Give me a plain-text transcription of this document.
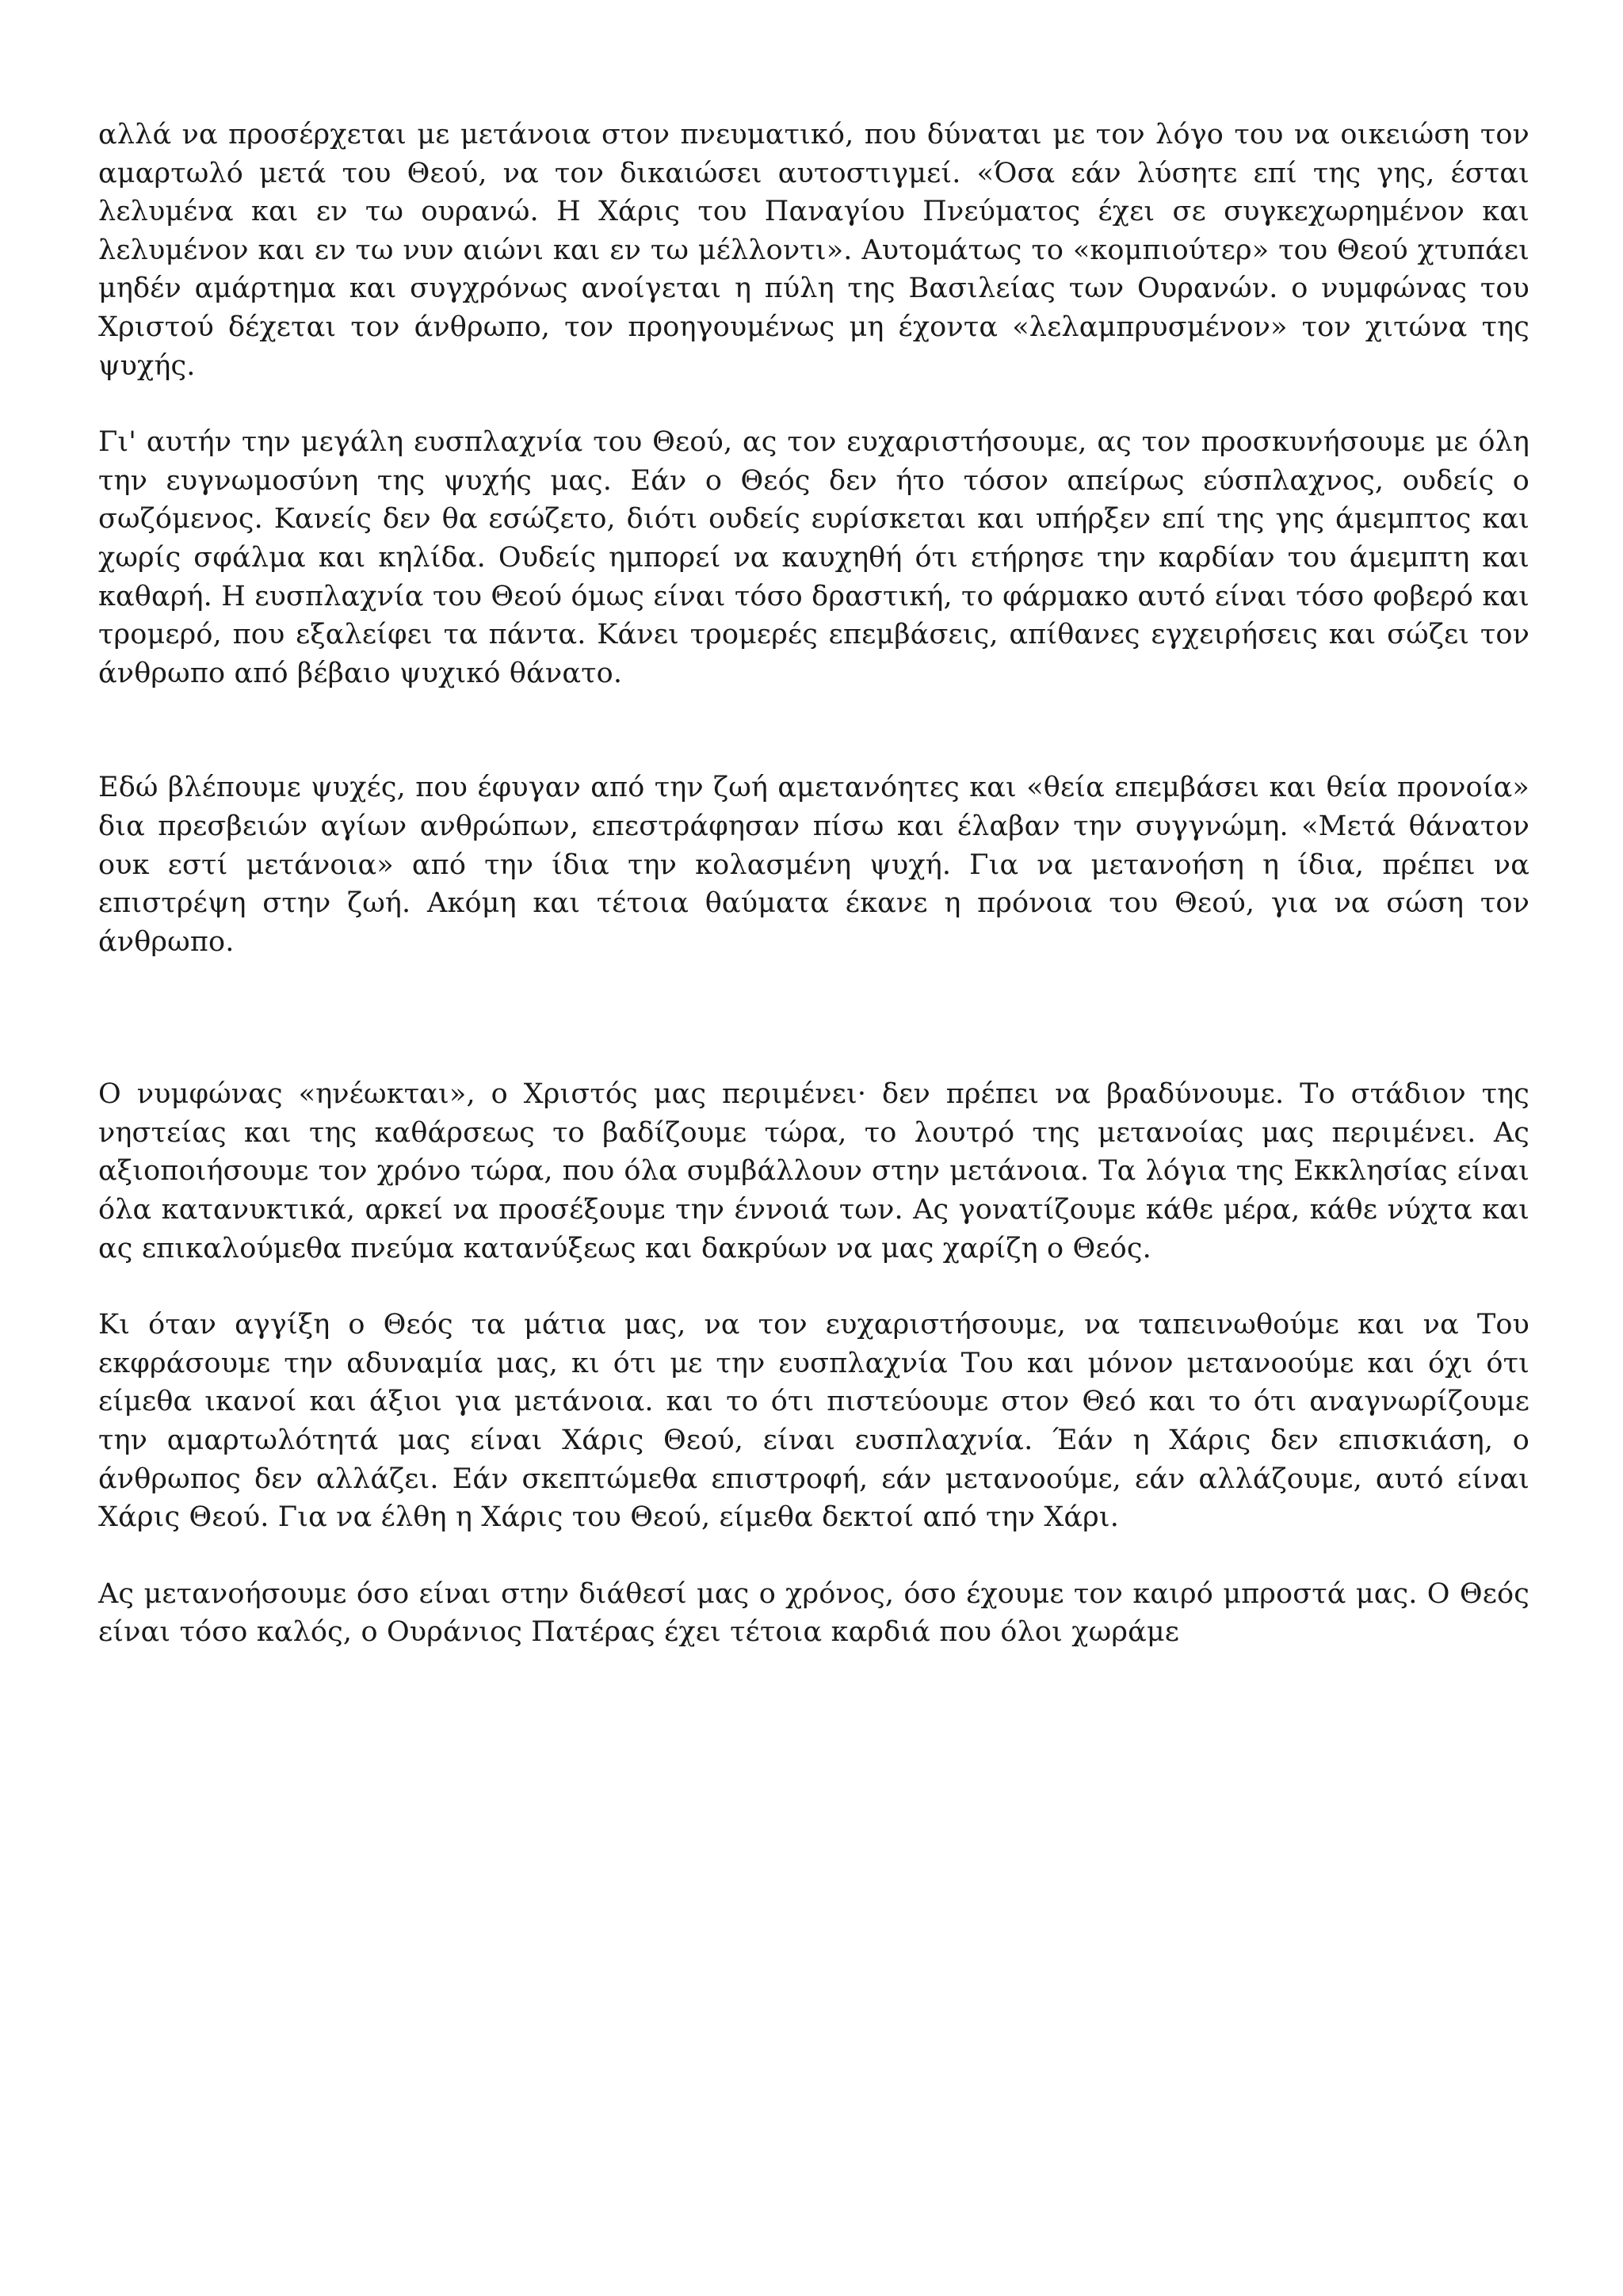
αλλά να προσέρχεται με μετάνοια στον πνευματικό, που δύναται με τον λόγο του να οικειώση τον αμαρτωλό μετά του Θεού, να τον δικαιώσει αυτοστιγμεί. «Όσα εάν λύσητε επί της γης, έσται λελυμένα και εν τω ουρανώ. Η Χάρις του Παναγίου Πνεύματος έχει σε συγκεχωρημένον και λελυμένον και εν τω νυν αιώνι και εν τω μέλλοντι». Αυτομάτως το «κομπιούτερ» του Θεού χτυπάει μηδέν αμάρτημα και συγχρόνως ανοίγεται η πύλη της Βασιλείας των Ουρανών. ο νυμφώνας του Χριστού δέχεται τον άνθρωπο, τον προηγουμένως μη έχοντα «λελαμπρυσμένον» τον χιτώνα της ψυχής.

Γι' αυτήν την μεγάλη ευσπλαχνία του Θεού, ας τον ευχαριστήσουμε, ας τον προσκυνήσουμε με όλη την ευγνωμοσύνη της ψυχής μας. Εάν ο Θεός δεν ήτο τόσον απείρως εύσπλαχνος, ουδείς ο σωζόμενος. Κανείς δεν θα εσώζετο, διότι ουδείς ευρίσκεται και υπήρξεν επί της γης άμεμπτος και χωρίς σφάλμα και κηλίδα. Ουδείς ημπορεί να καυχηθή ότι ετήρησε την καρδίαν του άμεμπτη και καθαρή. Η ευσπλαχνία του Θεού όμως είναι τόσο δραστική, το φάρμακο αυτό είναι τόσο φοβερό και τρομερό, που εξαλείφει τα πάντα. Κάνει τρομερές επεμβάσεις, απίθανες εγχειρήσεις και σώζει τον άνθρωπο από βέβαιο ψυχικό θάνατο.

Εδώ βλέπουμε ψυχές, που έφυγαν από την ζωή αμετανόητες και «θεία επεμβάσει και θεία προνοία» δια πρεσβειών αγίων ανθρώπων, επεστράφησαν πίσω και έλαβαν την συγγνώμη. «Μετά θάνατον ουκ εστί μετάνοια» από την ίδια την κολασμένη ψυχή. Για να μετανοήση η ίδια, πρέπει να επιστρέψη στην ζωή. Ακόμη και τέτοια θαύματα έκανε η πρόνοια του Θεού, για να σώση τον άνθρωπο.

Ο νυμφώνας «ηνέωκται», ο Χριστός μας περιμένει· δεν πρέπει να βραδύνουμε. Το στάδιον της νηστείας και της καθάρσεως το βαδίζουμε τώρα, το λουτρό της μετανοίας μας περιμένει. Ας αξιοποιήσουμε τον χρόνο τώρα, που όλα συμβάλλουν στην μετάνοια. Τα λόγια της Εκκλησίας είναι όλα κατανυκτικά, αρκεί να προσέξουμε την έννοιά των. Ας γονατίζουμε κάθε μέρα, κάθε νύχτα και ας επικαλούμεθα πνεύμα κατανύξεως και δακρύων να μας χαρίζη ο Θεός.

Κι όταν αγγίξη ο Θεός τα μάτια μας, να τον ευχαριστήσουμε, να ταπεινωθούμε και να Του εκφράσουμε την αδυναμία μας, κι ότι με την ευσπλαχνία Του και μόνον μετανοούμε και όχι ότι είμεθα ικανοί και άξιοι για μετάνοια. και το ότι πιστεύουμε στον Θεό και το ότι αναγνωρίζουμε την αμαρτωλότητά μας είναι Χάρις Θεού, είναι ευσπλαχνία. Έάν η Χάρις δεν επισκιάση, ο άνθρωπος δεν αλλάζει. Εάν σκεπτώμεθα επιστροφή, εάν μετανοούμε, εάν αλλάζουμε, αυτό είναι Χάρις Θεού. Για να έλθη η Χάρις του Θεού, είμεθα δεκτοί από την Χάρι.

Ας μετανοήσουμε όσο είναι στην διάθεσί μας ο χρόνος, όσο έχουμε τον καιρό μπροστά μας. Ο Θεός είναι τόσο καλός, ο Ουράνιος Πατέρας έχει τέτοια καρδιά που όλοι χωράμε
